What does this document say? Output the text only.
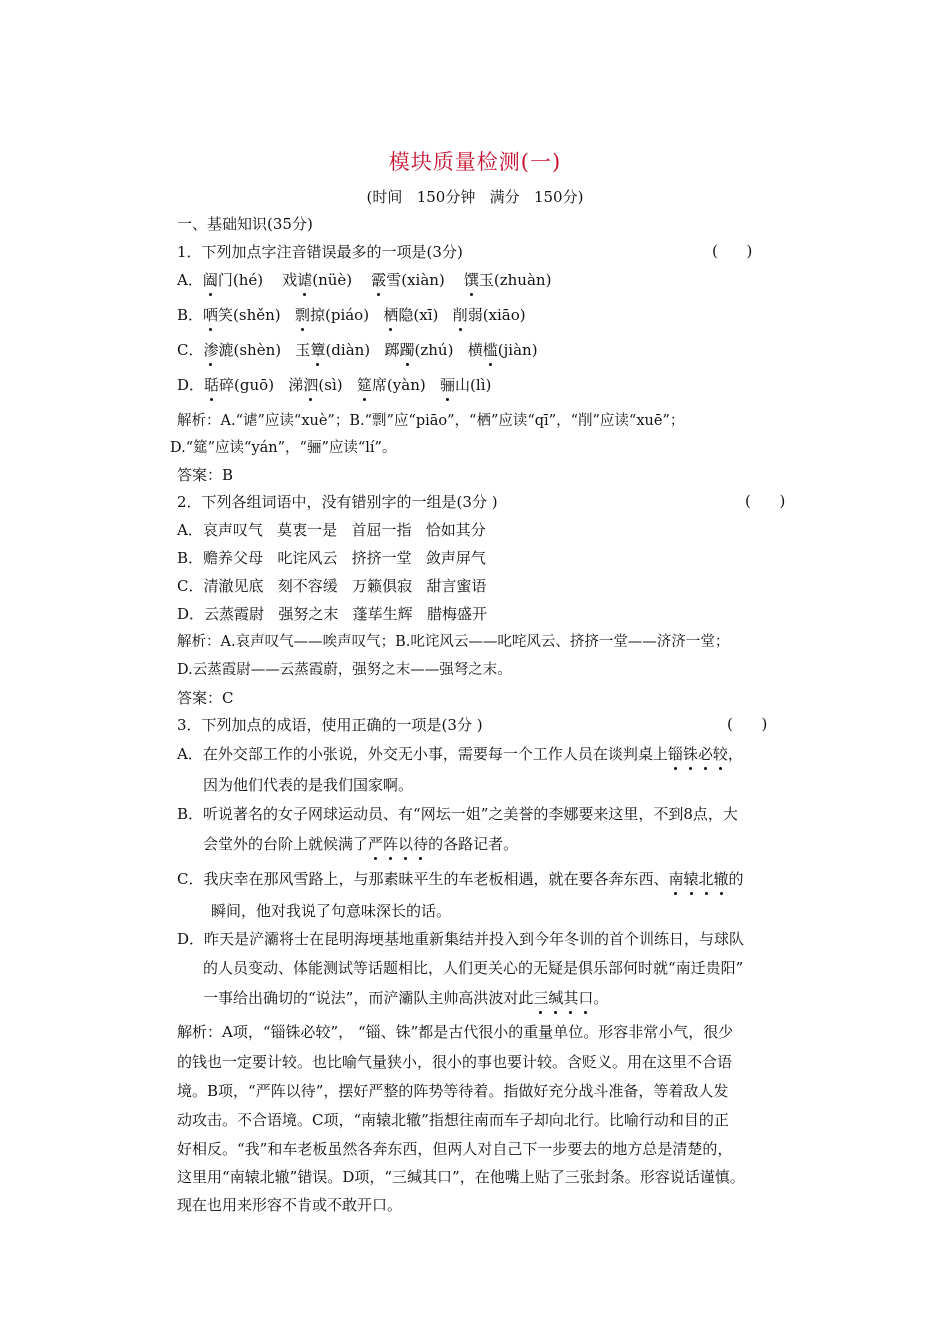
模块质量检测(一)
(时间   150分钟   满分   150分)
一、基础知识(35分)
1．下列加点字注音错误最多的一项是(3分)	(      )
A．阖门(hé) 戏谑(nüè) 霰雪(xiàn) 馔玉(zhuàn)
B．哂笑(shěn) 剽掠(piáo) 栖隐(xī) 削弱(xiāo)
C．渗漉(shèn) 玉簟(diàn) 踯躅(zhú) 横槛(jiàn)
D．聒碎(guō) 涕泗(sì) 筵席(yàn) 骊山(lì)
解析：A.“谑”应读“xuè”；B.“剽”应“piāo”，“栖”应读“qī”，“削”应读“xuē”；
D.“筵”应读“yán”，“骊”应读“lí”。
答案：B
2．下列各组词语中，没有错别字的一组是(3分 )	(      )
A．哀声叹气   莫衷一是   首屈一指   恰如其分
B．赡养父母   叱诧风云   挤挤一堂   敛声屏气
C．清澈见底   刻不容缓   万籁俱寂   甜言蜜语
D．云蒸霞尉   强努之末   蓬荜生辉   腊梅盛开
解析：A.哀声叹气——唉声叹气；B.叱诧风云——叱咤风云、挤挤一堂——济济一堂；
D.云蒸霞尉——云蒸霞蔚，强努之末——强弩之末。
答案：C
3．下列加点的成语，使用正确的一项是(3分 )	(      )
A．在外交部工作的小张说，外交无小事，需要每一个工作人员在谈判桌上锱铢必较，
因为他们代表的是我们国家啊。
B．听说著名的女子网球运动员、有“网坛一姐”之美誉的李娜要来这里，不到8点，大
会堂外的台阶上就候满了严阵以待的各路记者。
C．我庆幸在那风雪路上，与那素昧平生的车老板相遇，就在要各奔东西、南辕北辙的
瞬间，他对我说了句意味深长的话。
D．昨天是浐灞将士在昆明海埂基地重新集结并投入到今年冬训的首个训练日，与球队
的人员变动、体能测试等话题相比，人们更关心的无疑是俱乐部何时就“南迁贵阳”
一事给出确切的“说法”，而浐灞队主帅高洪波对此三缄其口。
解析：A项，“锱铢必较”， “锱、铢”都是古代很小的重量单位。形容非常小气，很少
的钱也一定要计较。也比喻气量狭小，很小的事也要计较。含贬义。用在这里不合语
境。B项，“严阵以待”，摆好严整的阵势等待着。指做好充分战斗准备，等着敌人发
动攻击。不合语境。C项，“南辕北辙”指想往南而车子却向北行。比喻行动和目的正
好相反。“我”和车老板虽然各奔东西，但两人对自己下一步要去的地方总是清楚的，
这里用“南辕北辙”错误。D项，“三缄其口”，在他嘴上贴了三张封条。形容说话谨慎。
现在也用来形容不肯或不敢开口。
